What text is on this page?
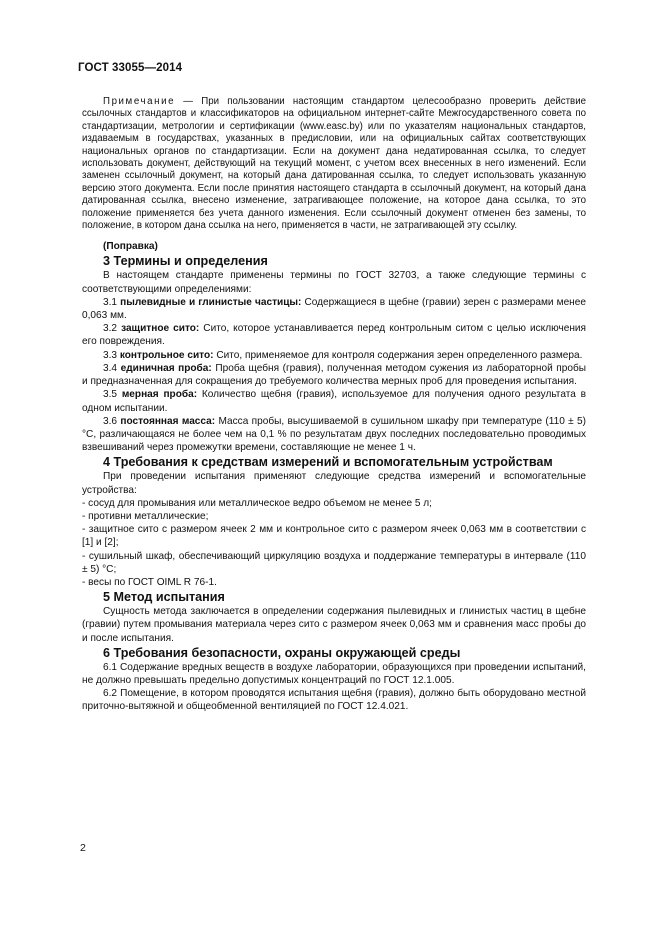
ГОСТ 33055—2014

Примечание — При пользовании настоящим стандартом целесообразно проверить действие ссылочных стандартов и классификаторов на официальном интернет-сайте Межгосударственного совета по стандартизации, метрологии и сертификации (www.easc.by) или по указателям национальных стандартов, издаваемым в государствах, указанных в предисловии, или на официальных сайтах соответствующих национальных органов по стандартизации. Если на документ дана недатированная ссылка, то следует использовать документ, действующий на текущий момент, с учетом всех внесенных в него изменений. Если заменен ссылочный документ, на который дана датированная ссылка, то следует использовать указанную версию этого документа. Если после принятия настоящего стандарта в ссылочный документ, на который дана датированная ссылка, внесено изменение, затрагивающее положение, на которое дана ссылка, то это положение применяется без учета данного изменения. Если ссылочный документ отменен без замены, то положение, в котором дана ссылка на него, применяется в части, не затрагивающей эту ссылку.

(Поправка)
3 Термины и определения

В настоящем стандарте применены термины по ГОСТ 32703, а также следующие термины с соответствующими определениями:

3.1 пылевидные и глинистые частицы: Содержащиеся в щебне (гравии) зерен с размерами менее 0,063 мм.

3.2 защитное сито: Сито, которое устанавливается перед контрольным ситом с целью исключения его повреждения.

3.3 контрольное сито: Сито, применяемое для контроля содержания зерен определенного размера.

3.4 единичная проба: Проба щебня (гравия), полученная методом сужения из лабораторной пробы и предназначенная для сокращения до требуемого количества мерных проб для проведения испытания.

3.5 мерная проба: Количество щебня (гравия), используемое для получения одного результата в одном испытании.

3.6 постоянная масса: Масса пробы, высушиваемой в сушильном шкафу при температуре (110 ± 5) °С, различающаяся не более чем на 0,1 % по результатам двух последних последовательно проводимых взвешиваний через промежутки времени, составляющие не менее 1 ч.

4 Требования к средствам измерений и вспомогательным устройствам

При проведении испытания применяют следующие средства измерений и вспомогательные устройства:

- сосуд для промывания или металлическое ведро объемом не менее 5 л;

- противни металлические;

- защитное сито с размером ячеек 2 мм и контрольное сито с размером ячеек 0,063 мм в соответствии с [1] и [2];

- сушильный шкаф, обеспечивающий циркуляцию воздуха и поддержание температуры в интервале (110 ± 5) °С;

- весы по ГОСТ OIML R 76-1.

5 Метод испытания

Сущность метода заключается в определении содержания пылевидных и глинистых частиц в щебне (гравии) путем промывания материала через сито с размером ячеек 0,063 мм и сравнения масс пробы до и после испытания.

6 Требования безопасности, охраны окружающей среды

6.1 Содержание вредных веществ в воздухе лаборатории, образующихся при проведении испытаний, не должно превышать предельно допустимых концентраций по ГОСТ 12.1.005.

6.2 Помещение, в котором проводятся испытания щебня (гравия), должно быть оборудовано местной приточно-вытяжной и общеобменной вентиляцией по ГОСТ 12.4.021.

2
